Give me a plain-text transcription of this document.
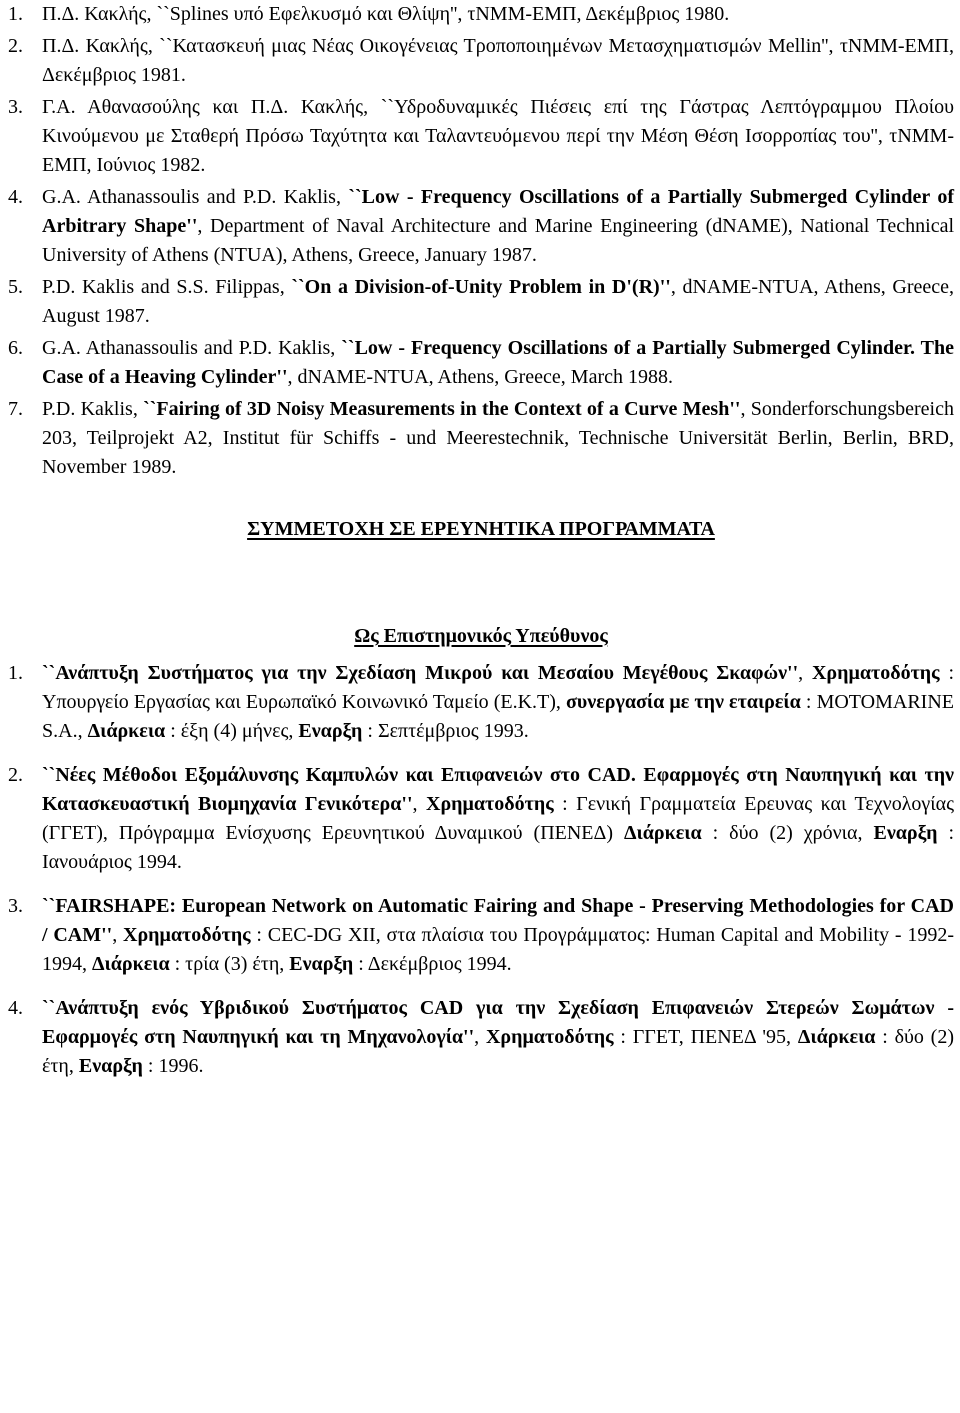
1. Π.Δ. Κακλής, ``Splines υπό Εφελκυσμό και Θλίψη'', τΝΜΜ-ΕΜΠ, Δεκέμβριος 1980.
2. Π.Δ. Κακλής, ``Κατασκευή μιας Νέας Οικογένειας Τροποποιημένων Μετασχηματισμών Mellin'', τΝΜΜ-ΕΜΠ, Δεκέμβριος 1981.
3. Γ.Α. Αθανασούλης και Π.Δ. Κακλής, ``Υδροδυναμικές Πιέσεις επί της Γάστρας Λεπτόγραμμου Πλοίου Κινούμενου με Σταθερή Πρόσω Ταχύτητα και Ταλαντευόμενου περί την Μέση Θέση Ισορροπίας του'', τΝΜΜ-ΕΜΠ, Ιούνιος 1982.
4. G.A. Athanassoulis and P.D. Kaklis, ``Low - Frequency Oscillations of a Partially Submerged Cylinder of Arbitrary Shape'', Department of Naval Architecture and Marine Engineering (dNAME), National Technical University of Athens (NTUA), Athens, Greece, January 1987.
5. P.D. Kaklis and S.S. Filippas, ``On a Division-of-Unity Problem in D'(R)'', dNAME-NTUA, Athens, Greece, August 1987.
6. G.A. Athanassoulis and P.D. Kaklis, ``Low - Frequency Oscillations of a Partially Submerged Cylinder. The Case of a Heaving Cylinder'', dNAME-NTUA, Athens, Greece, March 1988.
7. P.D. Kaklis, ``Fairing of 3D Noisy Measurements in the Context of a Curve Mesh'', Sonderforschungsbereich 203, Teilprojekt A2, Institut für Schiffs - und Meerestechnik, Technische Universität Berlin, Berlin, BRD, November 1989.
ΣΥΜΜΕΤΟΧΗ ΣΕ ΕΡΕΥΝΗΤΙΚΑ ΠΡΟΓΡΑΜΜΑΤΑ
Ως Επιστημονικός Υπεύθυνος
1. ``Ανάπτυξη Συστήματος για την Σχεδίαση Μικρού και Μεσαίου Μεγέθους Σκαφών'', Χρηματοδότης : Υπουργείο Εργασίας και Ευρωπαϊκό Κοινωνικό Ταμείο (Ε.Κ.Τ), συνεργασία με την εταιρεία : MOTOMARINE S.A., Διάρκεια : έξη (4) μήνες, Εναρξη : Σεπτέμβριος 1993.
2. ``Νέες Μέθοδοι Εξομάλυνσης Καμπυλών και Επιφανειών στο CAD. Εφαρμογές στη Ναυπηγική και την Κατασκευαστική Βιομηχανία Γενικότερα'', Χρηματοδότης : Γενική Γραμματεία Ερευνας και Τεχνολογίας (ΓΓΕΤ), Πρόγραμμα Ενίσχυσης Ερευνητικού Δυναμικού (ΠΕΝΕΔ) Διάρκεια : δύο (2) χρόνια, Εναρξη : Ιανουάριος 1994.
3. ``FAIRSHAPE: European Network on Automatic Fairing and Shape - Preserving Methodologies for CAD / CAM'', Χρηματοδότης : CEC-DG XII, στα πλαίσια του Προγράμματος: Human Capital and Mobility - 1992-1994, Διάρκεια : τρία (3) έτη, Εναρξη : Δεκέμβριος 1994.
4. ``Ανάπτυξη ενός Υβριδικού Συστήματος CAD για την Σχεδίαση Επιφανειών Στερεών Σωμάτων - Εφαρμογές στη Ναυπηγική και τη Μηχανολογία'', Χρηματοδότης : ΓΓΕΤ, ΠΕΝΕΔ '95, Διάρκεια : δύο (2) έτη, Εναρξη : 1996.
